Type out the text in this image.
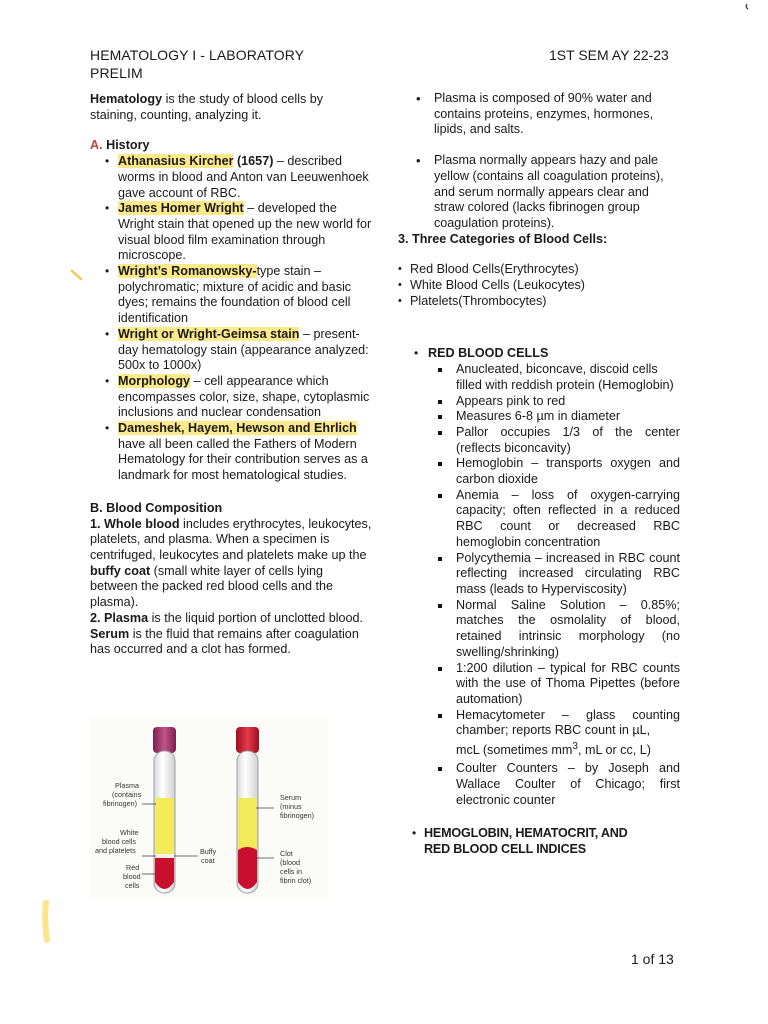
HEMATOLOGY I - LABORATORY
PRELIM
1ST SEM AY 22-23

Hematology is the study of blood cells by staining, counting, analyzing it.

A. History

• Athanasius Kircher (1657) – described worms in blood and Anton van Leeuwenhoek gave account of RBC.
• James Homer Wright – developed the Wright stain that opened up the new world for visual blood film examination through microscope.
• Wright’s Romanowsky-type stain – polychromatic; mixture of acidic and basic dyes; remains the foundation of blood cell identification
• Wright or Wright-Geimsa stain – present-day hematology stain (appearance analyzed: 500x to 1000x)
• Morphology – cell appearance which encompasses color, size, shape, cytoplasmic inclusions and nuclear condensation
• Dameshek, Hayem, Hewson and Ehrlich have all been called the Fathers of Modern Hematology for their contribution serves as a landmark for most hematological studies.

B. Blood Composition

1. Whole blood includes erythrocytes, leukocytes, platelets, and plasma. When a specimen is centrifuged, leukocytes and platelets make up the buffy coat (small white layer of cells lying between the packed red blood cells and the plasma).

2. Plasma is the liquid portion of unclotted blood. Serum is the fluid that remains after coagulation has occurred and a clot has formed.

Plasma
(contains
fibrinogen)
White
blood cells
and platelets
Red
blood
cells
Buffy
coat
Serum
(minus
fibrinogen)
Clot
(blood
cells in
fibrin clot)
• Plasma is composed of 90% water and contains proteins, enzymes, hormones, lipids, and salts.
• Plasma normally appears hazy and pale yellow (contains all coagulation proteins), and serum normally appears clear and straw colored (lacks fibrinogen group coagulation proteins).

3. Three Categories of Blood Cells:

• Red Blood Cells(Erythrocytes)
• White Blood Cells (Leukocytes)
• Platelets(Thrombocytes)

• RED BLOOD CELLS

Anucleated, biconcave, discoid cells filled with reddish protein (Hemoglobin)
Appears pink to red
Measures 6-8 µm in diameter
Pallor occupies 1/3 of the center (reflects biconcavity)
Hemoglobin – transports oxygen and carbon dioxide
Anemia – loss of oxygen-carrying capacity; often reflected in a reduced RBC count or decreased RBC hemoglobin concentration
Polycythemia – increased in RBC count reflecting increased circulating RBC mass (leads to Hyperviscosity)
Normal Saline Solution – 0.85%; matches the osmolality of blood, retained intrinsic morphology (no swelling/shrinking)
1:200 dilution – typical for RBC counts with the use of Thoma Pipettes (before automation)
Hemacytometer – glass counting chamber; reports RBC count in µL,
mcL (sometimes $mm^3$, mL or cc, L)
Coulter Counters – by Joseph and Wallace Coulter of Chicago; first electronic counter

• HEMOGLOBIN, HEMATOCRIT, AND
RED BLOOD CELL INDICES

1 of 13
